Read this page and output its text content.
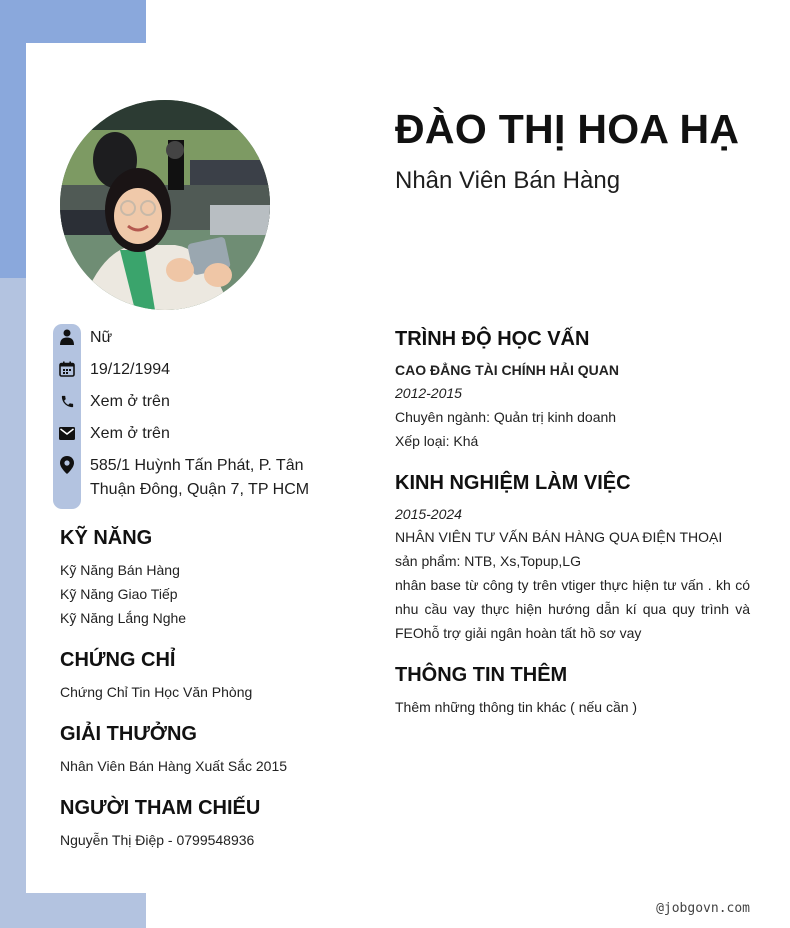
ĐÀO THỊ HOA HẠ
Nhân Viên Bán Hàng
Nữ
19/12/1994
Xem ở trên
Xem ở trên
585/1 Huỳnh Tấn Phát, P. Tân Thuận Đông, Quận 7, TP HCM
KỸ NĂNG
Kỹ Năng Bán Hàng
Kỹ Năng Giao Tiếp
Kỹ Năng Lắng Nghe
CHỨNG CHỈ
Chứng Chỉ Tin Học Văn Phòng
GIẢI THƯỞNG
Nhân Viên Bán Hàng Xuất Sắc 2015
NGƯỜI THAM CHIẾU
Nguyễn Thị Điệp - 0799548936
TRÌNH ĐỘ HỌC VẤN
CAO ĐẲNG TÀI CHÍNH HẢI QUAN
2012-2015
Chuyên ngành: Quản trị kinh doanh
Xếp loại: Khá
KINH NGHIỆM LÀM VIỆC
2015-2024
NHÂN VIÊN TƯ VẤN BÁN HÀNG QUA ĐIỆN THOẠI
sản phẩm: NTB, Xs,Topup,LG
nhân base từ công ty trên vtiger thực hiện tư vấn . kh có nhu cầu vay thực hiện hướng dẫn kí qua quy trình và FEOhỗ trợ giải ngân hoàn tất hồ sơ vay
THÔNG TIN THÊM
Thêm những thông tin khác ( nếu cần )
@jobgovn.com
